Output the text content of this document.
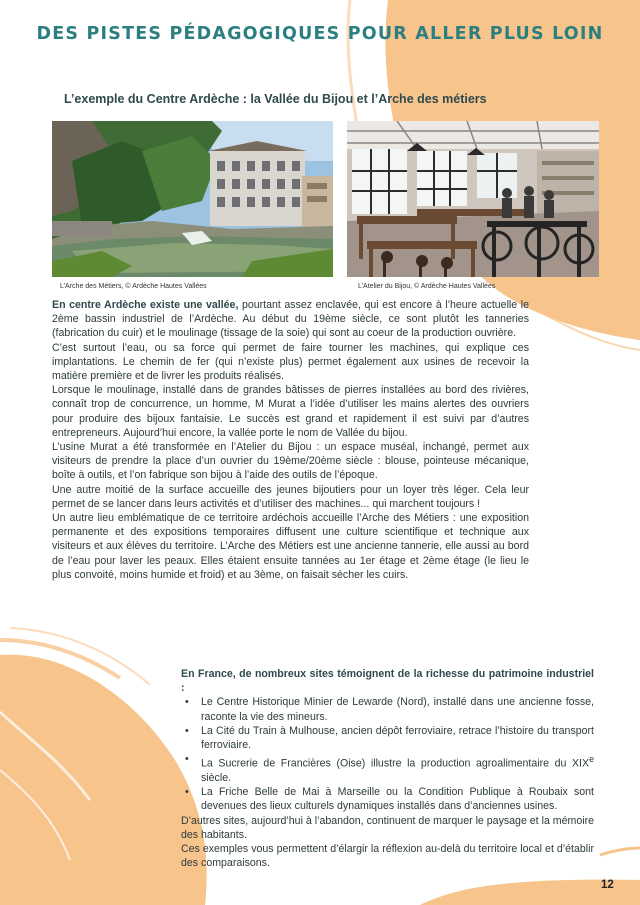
DES PISTES PÉDAGOGIQUES POUR ALLER PLUS LOIN
L’exemple du Centre Ardèche : la Vallée du Bijou et l’Arche des métiers
L’Arche des Métiers, © Ardèche Hautes Vallées	L’Atelier du Bijou, © Ardèche Hautes Vallées

En centre Ardèche existe une vallée, pourtant assez enclavée, qui est encore à l’heure actuelle le 2ème bassin industriel de l’Ardèche. Au début du 19ème siècle, ce sont plutôt les tanneries (fabrication du cuir) et le moulinage (tissage de la soie) qui sont au coeur de la production ouvrière.

C’est surtout l’eau, ou sa force qui permet de faire tourner les machines, qui explique ces implantations. Le chemin de fer (qui n’existe plus) permet également aux usines de recevoir la matière première et de livrer les produits réalisés.

Lorsque le moulinage, installé dans de grandes bâtisses de pierres installées au bord des rivières, connaît trop de concurrence, un homme, M Murat a l’idée d’utiliser les mains alertes des ouvriers pour produire des bijoux fantaisie. Le succès est grand et rapidement il est suivi par d’autres entrepreneurs. Aujourd’hui encore, la vallée porte le nom de Vallée du bijou.

L’usine Murat a été transformée en l’Atelier du Bijou : un espace muséal, inchangé, permet aux visiteurs de prendre la place d’un ouvrier du 19ème/20ème siècle : blouse, pointeuse mécanique, boîte à outils, et l’on fabrique son bijou à l’aide des outils de l’époque.

Une autre moitié de la surface accueille des jeunes bijoutiers pour un loyer très léger. Cela leur permet de se lancer dans leurs activités et d’utiliser des machines... qui marchent toujours !

Un autre lieu emblématique de ce territoire ardéchois accueille l’Arche des Métiers : une exposition permanente et des expositions temporaires diffusent une culture scientifique et technique aux visiteurs et aux élèves du territoire. L’Arche des Métiers est une ancienne tannerie, elle aussi au bord de l’eau pour laver les peaux. Elles étaient ensuite tannées au 1er étage et 2ème étage (le lieu le plus convoité, moins humide et froid) et au 3ème, on faisait sécher les cuirs.

En France, de nombreux sites témoignent de la richesse du patrimoine industriel :

• Le Centre Historique Minier de Lewarde (Nord), installé dans une ancienne fosse, raconte la vie des mineurs.
• La Cité du Train à Mulhouse, ancien dépôt ferroviaire, retrace l’histoire du transport ferroviaire.
• La Sucrerie de Francières (Oise) illustre la production agroalimentaire du XIXe siècle.
• La Friche Belle de Mai à Marseille ou la Condition Publique à Roubaix sont devenues des lieux culturels dynamiques installés dans d’anciennes usines.

D’autres sites, aujourd’hui à l’abandon, continuent de marquer le paysage et la mémoire des habitants.

Ces exemples vous permettent d’élargir la réflexion au-delà du territoire local et d’établir des comparaisons.

12
